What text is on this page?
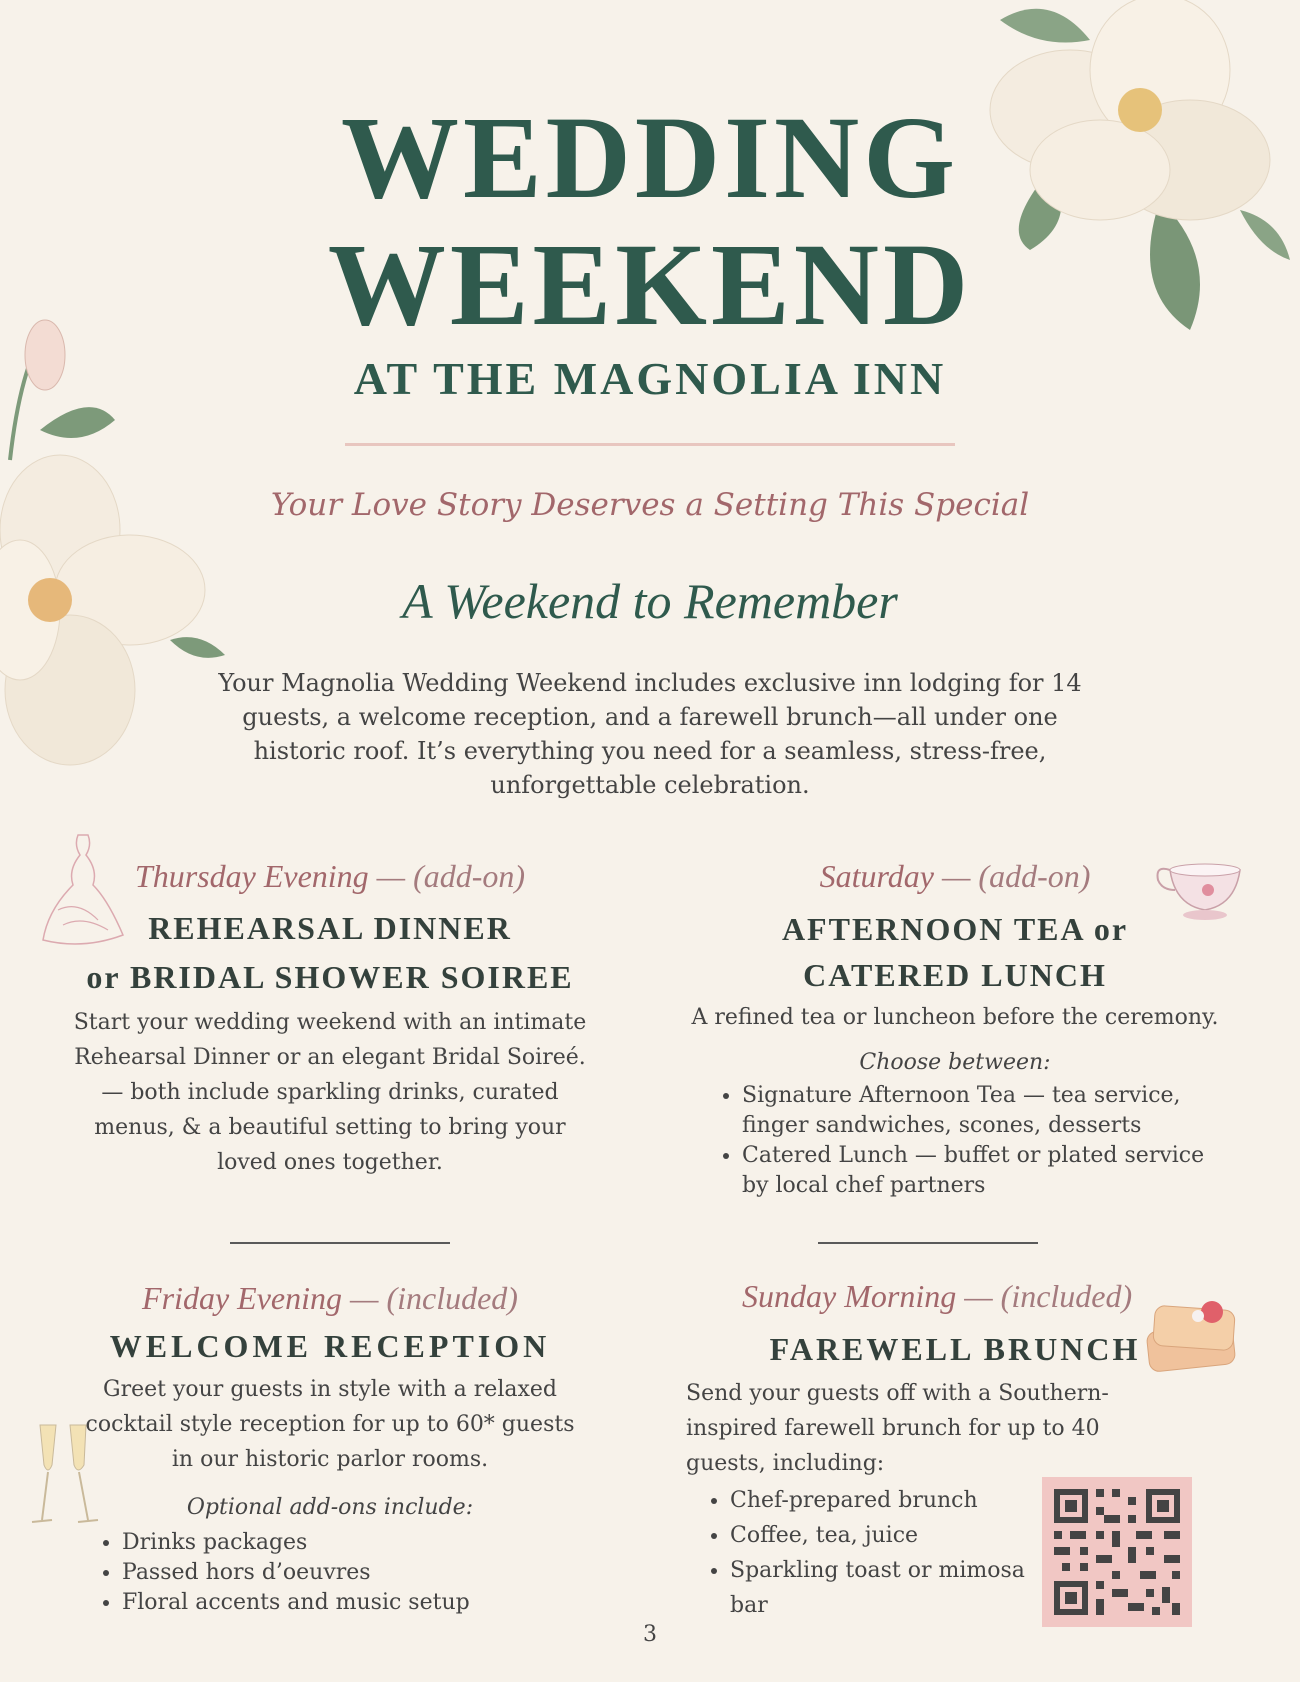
WEDDING
WEEKEND
AT THE MAGNOLIA INN
Your Love Story Deserves a Setting This Special
A Weekend to Remember
Your Magnolia Wedding Weekend includes exclusive inn lodging for 14 guests, a welcome reception, and a farewell brunch—all under one historic roof. It’s everything you need for a seamless, stress-free, unforgettable celebration.
Thursday Evening — (add-on)
REHEARSAL DINNER
or BRIDAL SHOWER SOIREE
Start your wedding weekend with an intimate Rehearsal Dinner or an elegant Bridal Soireé. — both include sparkling drinks, curated menus, & a beautiful setting to bring your loved ones together.
Saturday — (add-on)
AFTERNOON TEA or
CATERED LUNCH
A refined tea or luncheon before the ceremony.
Choose between:
• Signature Afternoon Tea — tea service, finger sandwiches, scones, desserts
• Catered Lunch — buffet or plated service by local chef partners
Friday Evening — (included)
WELCOME RECEPTION
Greet your guests in style with a relaxed cocktail style reception for up to 60* guests in our historic parlor rooms.
Optional add-ons include:
• Drinks packages
• Passed hors d’oeuvres
• Floral accents and music setup
Sunday Morning — (included)
FAREWELL BRUNCH
Send your guests off with a Southern-inspired farewell brunch for up to 40 guests, including:
• Chef-prepared brunch
• Coffee, tea, juice
• Sparkling toast or mimosa bar
3
